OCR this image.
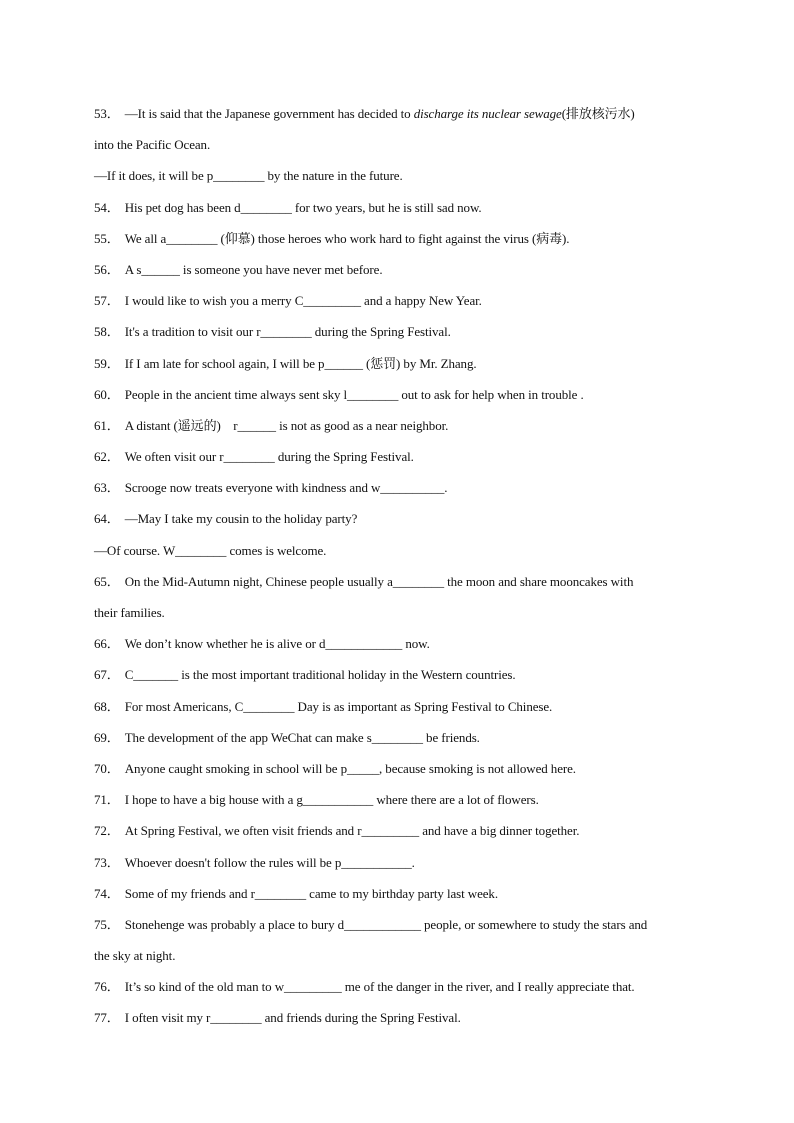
53． —It is said that the Japanese government has decided to discharge its nuclear sewage(排放核污水)
into the Pacific Ocean.
—If it does, it will be p________ by the nature in the future.
54． His pet dog has been d________ for two years, but he is still sad now.
55． We all a________ (仰慕) those heroes who work hard to fight against the virus (病毒).
56． A s______ is someone you have never met before.
57． I would like to wish you a merry C_________ and a happy New Year.
58． It's a tradition to visit our r________ during the Spring Festival.
59． If I am late for school again, I will be p______ (惩罚) by Mr. Zhang.
60． People in the ancient time always sent sky l________ out to ask for help when in trouble .
61． A distant (遥远的)    r______ is not as good as a near neighbor.
62． We often visit our r________ during the Spring Festival.
63． Scrooge now treats everyone with kindness and w__________.
64． —May I take my cousin to the holiday party?
—Of course. W________ comes is welcome.
65． On the Mid-Autumn night, Chinese people usually a________ the moon and share mooncakes with
their families.
66． We don’t know whether he is alive or d____________ now.
67． C_______ is the most important traditional holiday in the Western countries.
68． For most Americans, C________ Day is as important as Spring Festival to Chinese.
69． The development of the app WeChat can make s________ be friends.
70． Anyone caught smoking in school will be p_____, because smoking is not allowed here.
71． I hope to have a big house with a g___________ where there are a lot of flowers.
72． At Spring Festival, we often visit friends and r_________ and have a big dinner together.
73． Whoever doesn't follow the rules will be p___________.
74． Some of my friends and r________ came to my birthday party last week.
75． Stonehenge was probably a place to bury d____________ people, or somewhere to study the stars and
the sky at night.
76． It’s so kind of the old man to w_________ me of the danger in the river, and I really appreciate that.
77． I often visit my r________ and friends during the Spring Festival.
